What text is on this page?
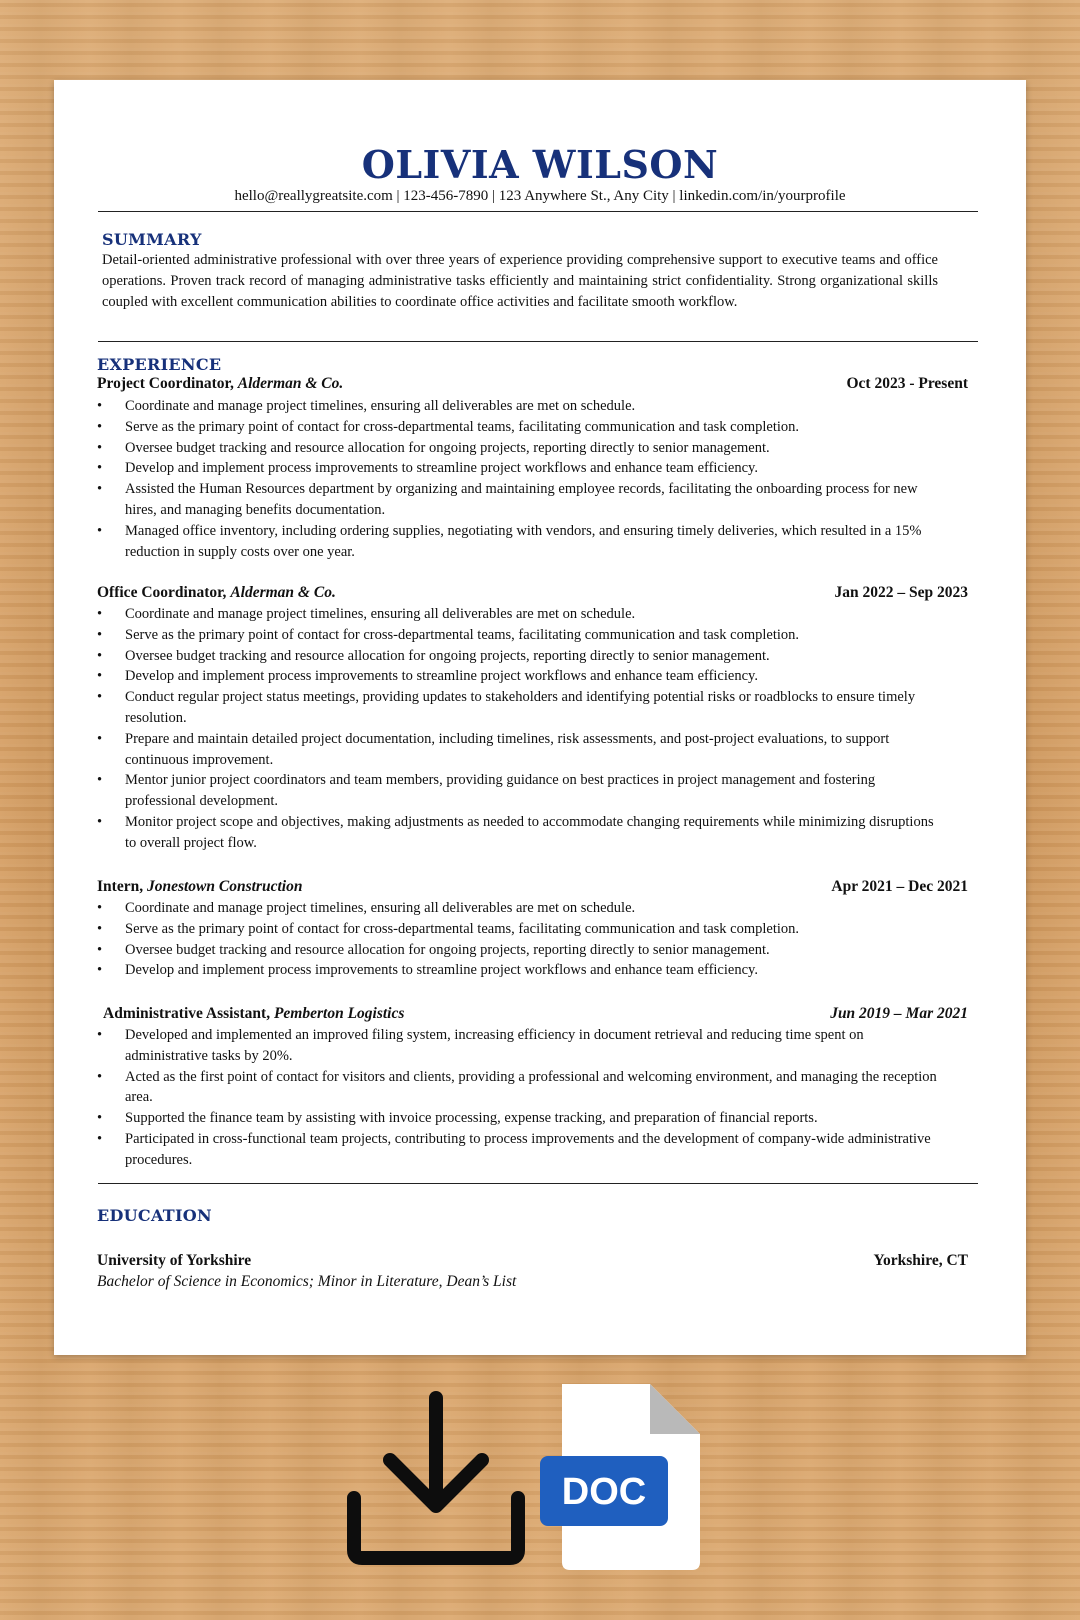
OLIVIA WILSON
hello@reallygreatsite.com | 123-456-7890 | 123 Anywhere St., Any City | linkedin.com/in/yourprofile
SUMMARY
Detail-oriented administrative professional with over three years of experience providing comprehensive support to executive teams and office operations. Proven track record of managing administrative tasks efficiently and maintaining strict confidentiality. Strong organizational skills coupled with excellent communication abilities to coordinate office activities and facilitate smooth workflow.
EXPERIENCE
Project Coordinator, Alderman & Co.	Oct 2023 - Present
• Coordinate and manage project timelines, ensuring all deliverables are met on schedule.
• Serve as the primary point of contact for cross-departmental teams, facilitating communication and task completion.
• Oversee budget tracking and resource allocation for ongoing projects, reporting directly to senior management.
• Develop and implement process improvements to streamline project workflows and enhance team efficiency.
• Assisted the Human Resources department by organizing and maintaining employee records, facilitating the onboarding process for new hires, and managing benefits documentation.
• Managed office inventory, including ordering supplies, negotiating with vendors, and ensuring timely deliveries, which resulted in a 15% reduction in supply costs over one year.
Office Coordinator, Alderman & Co.	Jan 2022 – Sep 2023
• Coordinate and manage project timelines, ensuring all deliverables are met on schedule.
• Serve as the primary point of contact for cross-departmental teams, facilitating communication and task completion.
• Oversee budget tracking and resource allocation for ongoing projects, reporting directly to senior management.
• Develop and implement process improvements to streamline project workflows and enhance team efficiency.
• Conduct regular project status meetings, providing updates to stakeholders and identifying potential risks or roadblocks to ensure timely resolution.
• Prepare and maintain detailed project documentation, including timelines, risk assessments, and post-project evaluations, to support continuous improvement.
• Mentor junior project coordinators and team members, providing guidance on best practices in project management and fostering professional development.
• Monitor project scope and objectives, making adjustments as needed to accommodate changing requirements while minimizing disruptions to overall project flow.
Intern, Jonestown Construction	Apr 2021 – Dec 2021
• Coordinate and manage project timelines, ensuring all deliverables are met on schedule.
• Serve as the primary point of contact for cross-departmental teams, facilitating communication and task completion.
• Oversee budget tracking and resource allocation for ongoing projects, reporting directly to senior management.
• Develop and implement process improvements to streamline project workflows and enhance team efficiency.
Administrative Assistant, Pemberton Logistics	Jun 2019 – Mar 2021
• Developed and implemented an improved filing system, increasing efficiency in document retrieval and reducing time spent on administrative tasks by 20%.
• Acted as the first point of contact for visitors and clients, providing a professional and welcoming environment, and managing the reception area.
• Supported the finance team by assisting with invoice processing, expense tracking, and preparation of financial reports.
• Participated in cross-functional team projects, contributing to process improvements and the development of company-wide administrative procedures.
EDUCATION
University of Yorkshire	Yorkshire, CT
Bachelor of Science in Economics; Minor in Literature, Dean’s List
DOC
